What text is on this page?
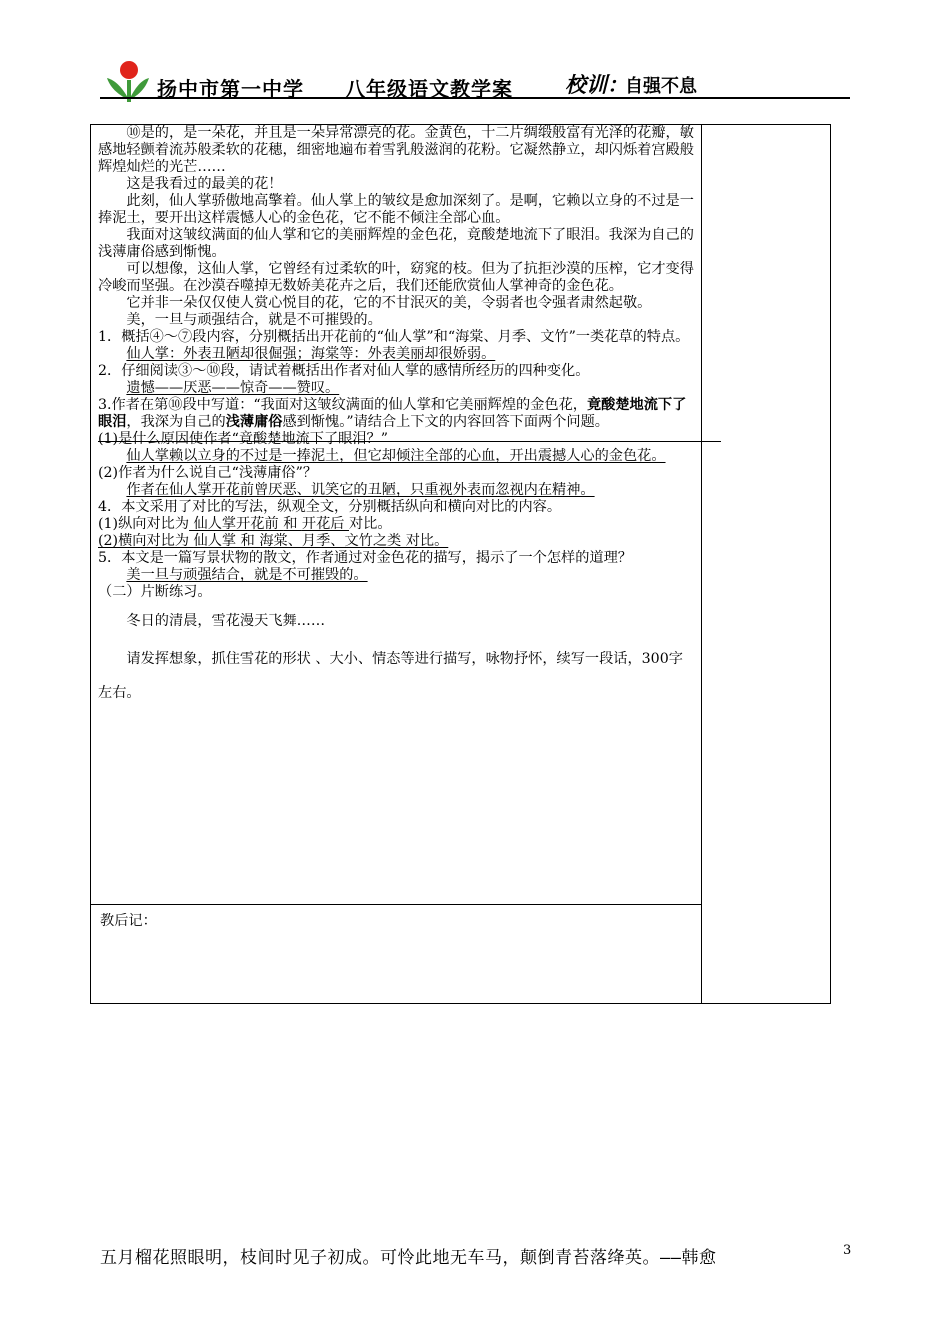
扬中市第一中学 八年级语文教学案 校训：
自强不息

⑩是的，是一朵花，并且是一朵异常漂亮的花。金黄色，十二片绸缎般富有光泽的花瓣，敏感地轻颤着流苏般柔软的花穗，细密地遍布着雪乳般滋润的花粉。它凝然静立，却闪烁着宫殿般辉煌灿烂的光芒……

这是我看过的最美的花！

此刻，仙人掌骄傲地高擎着。仙人掌上的皱纹是愈加深刻了。是啊，它赖以立身的不过是一捧泥土，要开出这样震憾人心的金色花，它不能不倾注全部心血。

我面对这皱纹满面的仙人掌和它的美丽辉煌的金色花，竟酸楚地流下了眼泪。我深为自己的浅薄庸俗感到惭愧。

可以想像，这仙人掌，它曾经有过柔软的叶，窈窕的枝。但为了抗拒沙漠的压榨，它才变得冷峻而坚强。在沙漠吞噬掉无数娇美花卉之后，我们还能欣赏仙人掌神奇的金色花。

它并非一朵仅仅使人赏心悦目的花，它的不甘泯灭的美，令弱者也令强者肃然起敬。

美，一旦与顽强结合，就是不可摧毁的。

1．概括④～⑦段内容，分别概括出开花前的“仙人掌”和“海棠、月季、文竹”一类花草的特点。

仙人掌：外表丑陋却很倔强；海棠等：外表美丽却很娇弱。

2．仔细阅读③～⑩段，请试着概括出作者对仙人掌的感情所经历的四种变化。

遗憾——厌恶——惊奇——赞叹。

3.作者在第⑩段中写道：“我面对这皱纹满面的仙人掌和它美丽辉煌的金色花，竟酸楚地流下了眼泪，我深为自己的浅薄庸俗感到惭愧。”请结合上下文的内容回答下面两个问题。

(1)是什么原因使作者“竟酸楚地流下了眼泪？”

仙人掌赖以立身的不过是一捧泥土，但它却倾注全部的心血，开出震撼人心的金色花。

(2)作者为什么说自己“浅薄庸俗”？

作者在仙人掌开花前曾厌恶、讥笑它的丑陋，只重视外表而忽视内在精神。

4．本文采用了对比的写法，纵观全文，分别概括纵向和横向对比的内容。

(1)纵向对比为 仙人掌开花前 和 开花后 对比。

(2)横向对比为 仙人掌 和 海棠、月季、文竹之类 对比。

5．本文是一篇写景状物的散文，作者通过对金色花的描写，揭示了一个怎样的道理？

美一旦与顽强结合，就是不可摧毁的。

（二）片断练习。

冬日的清晨，雪花漫天飞舞……

请发挥想象，抓住雪花的形状 、大小、情态等进行描写，咏物抒怀，续写一段话，300字左右。

教后记：
五月榴花照眼明，枝间时见子初成。可怜此地无车马，颠倒青苔落绛英。——韩愈	3
